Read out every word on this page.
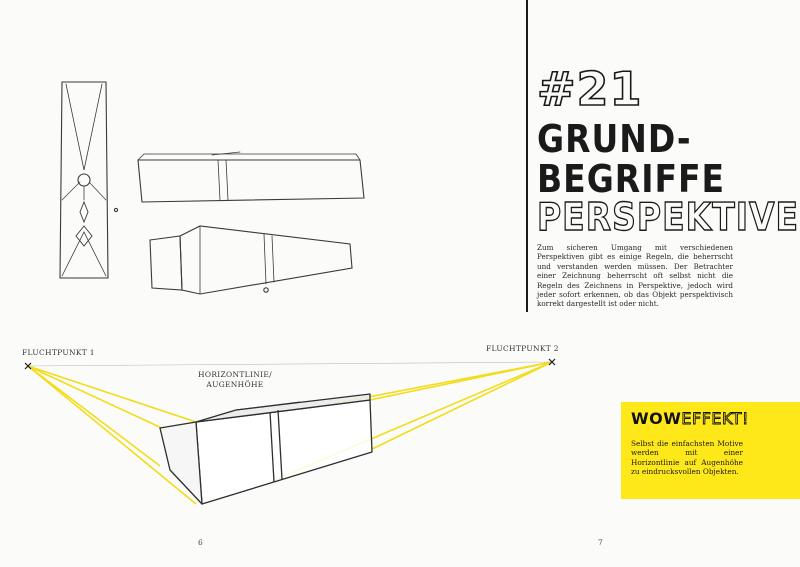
#21
GRUND-
BEGRIFFE
PERSPEKTIVE

Zum sicheren Umgang mit verschiedenen Perspektiven gibt es einige Regeln, die beherrscht und verstanden werden müssen. Der Betrachter einer Zeichnung beherrscht oft selbst nicht die Regeln des Zeichnens in Perspektive, jedoch wird jeder sofort erkennen, ob das Objekt perspektivisch korrekt dargestellt ist oder nicht.

FLUCHTPUNKT 1	FLUCHTPUNKT 2

HORIZONTLINIE/
AUGENHÖHE

WOWEFFEKT!

Selbst die einfachsten Motive werden mit einer Horizontlinie auf Augenhöhe zu eindrucksvollen Objekten.

6	7
